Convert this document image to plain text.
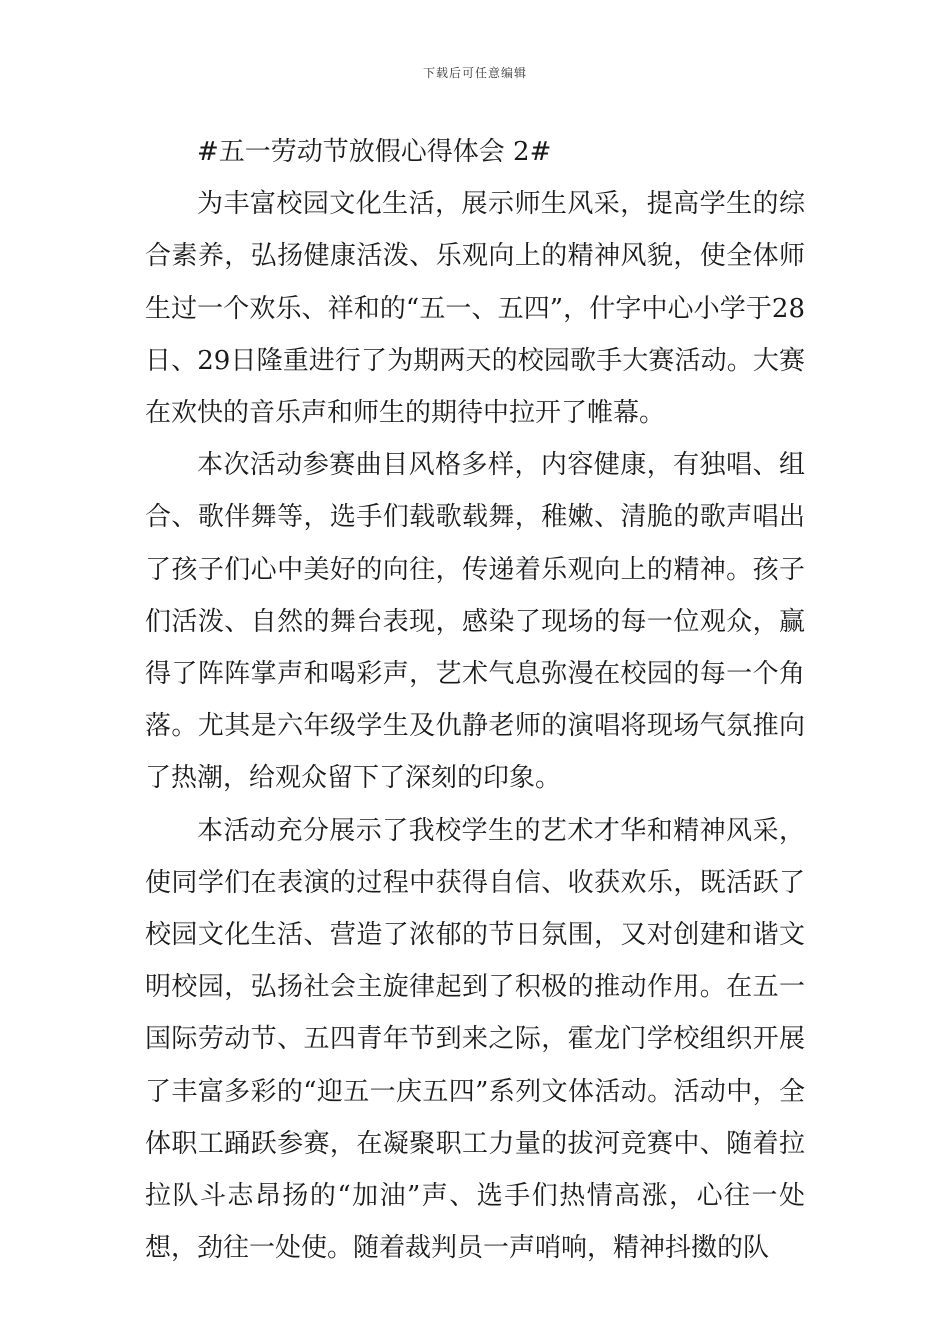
下载后可任意编辑
#五一劳动节放假心得体会 2#

为丰富校园文化生活，展示师生风采，提高学生的综合素养，弘扬健康活泼、乐观向上的精神风貌，使全体师生过一个欢乐、祥和的“五一、五四”，什字中心小学于28日、29日隆重进行了为期两天的校园歌手大赛活动。大赛在欢快的音乐声和师生的期待中拉开了帷幕。

本次活动参赛曲目风格多样，内容健康，有独唱、组合、歌伴舞等，选手们载歌载舞，稚嫩、清脆的歌声唱出了孩子们心中美好的向往，传递着乐观向上的精神。孩子们活泼、自然的舞台表现，感染了现场的每一位观众，赢得了阵阵掌声和喝彩声，艺术气息弥漫在校园的每一个角落。尤其是六年级学生及仇静老师的演唱将现场气氛推向了热潮，给观众留下了深刻的印象。

本活动充分展示了我校学生的艺术才华和精神风采，使同学们在表演的过程中获得自信、收获欢乐，既活跃了校园文化生活、营造了浓郁的节日氛围，又对创建和谐文明校园，弘扬社会主旋律起到了积极的推动作用。在五一国际劳动节、五四青年节到来之际，霍龙门学校组织开展了丰富多彩的“迎五一庆五四”系列文体活动。活动中，全体职工踊跃参赛，在凝聚职工力量的拔河竞赛中、随着拉拉队斗志昂扬的“加油”声、选手们热情高涨，心往一处想，劲往一处使。随着裁判员一声哨响，精神抖擞的队
